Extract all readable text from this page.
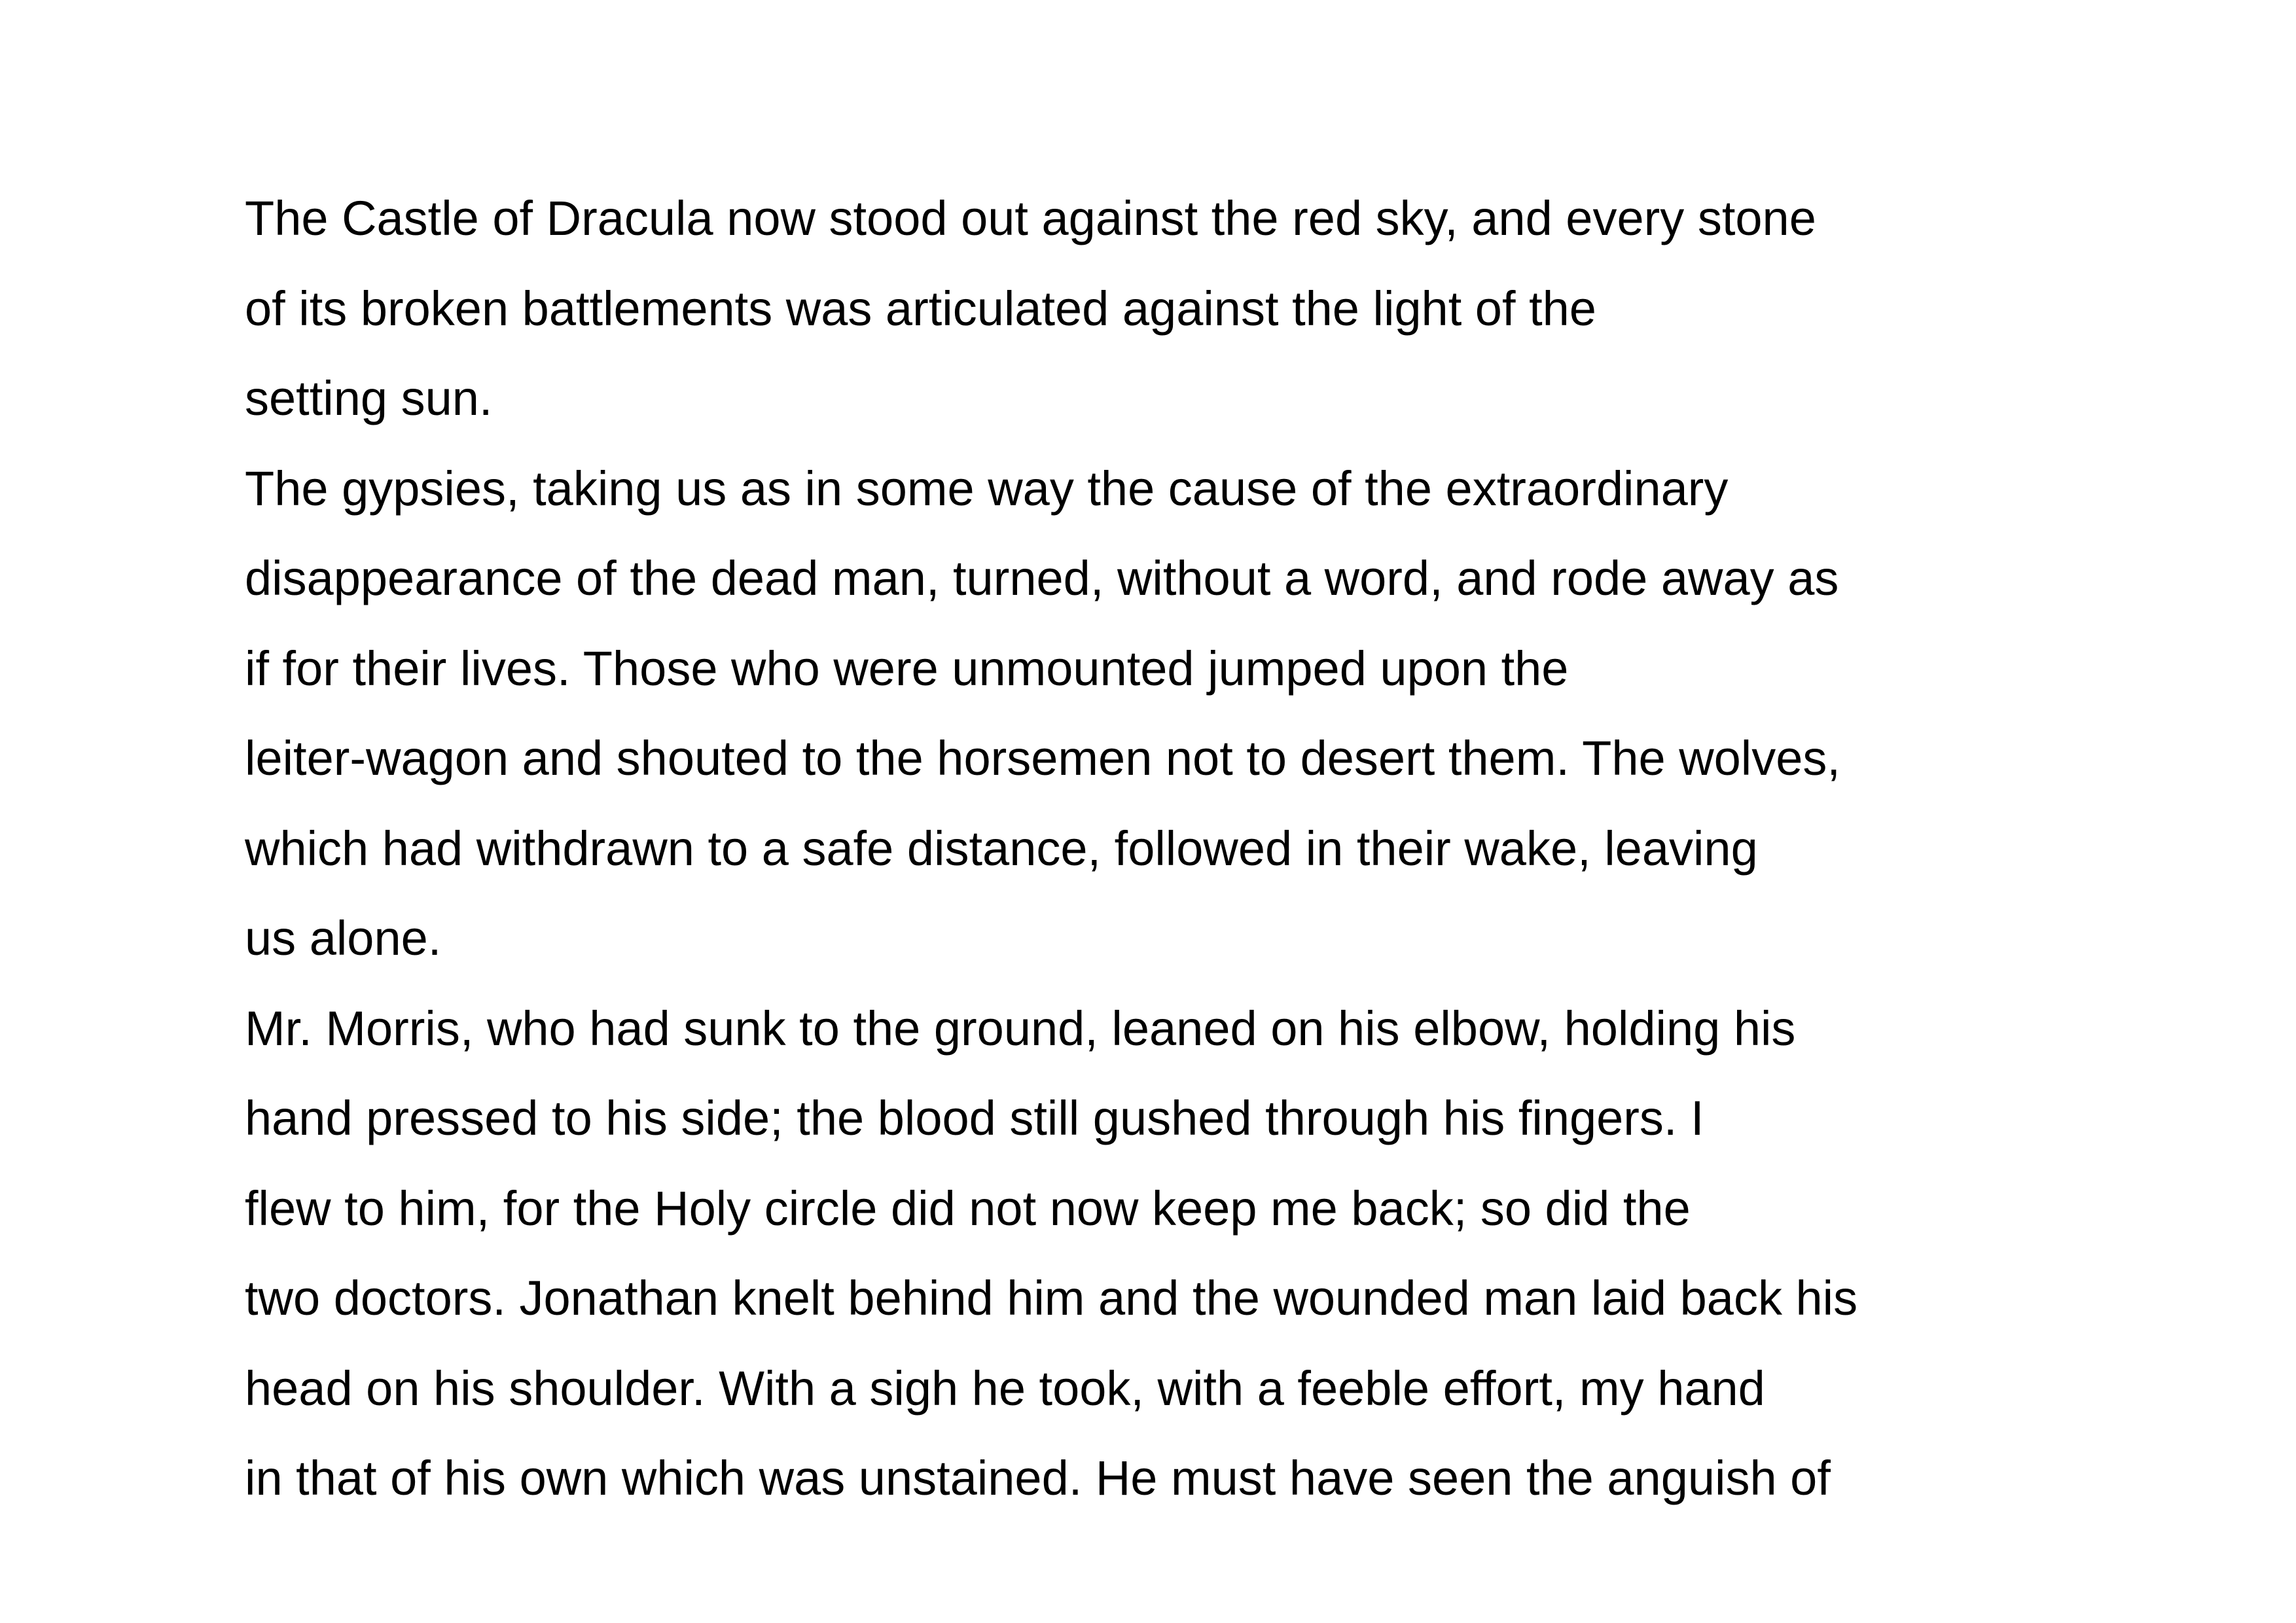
The Castle of Dracula now stood out against the red sky, and every stone
of its broken battlements was articulated against the light of the
setting sun.
The gypsies, taking us as in some way the cause of the extraordinary
disappearance of the dead man, turned, without a word, and rode away as
if for their lives. Those who were unmounted jumped upon the
leiter-wagon and shouted to the horsemen not to desert them. The wolves,
which had withdrawn to a safe distance, followed in their wake, leaving
us alone.
Mr. Morris, who had sunk to the ground, leaned on his elbow, holding his
hand pressed to his side; the blood still gushed through his fingers. I
flew to him, for the Holy circle did not now keep me back; so did the
two doctors. Jonathan knelt behind him and the wounded man laid back his
head on his shoulder. With a sigh he took, with a feeble effort, my hand
in that of his own which was unstained. He must have seen the anguish of
